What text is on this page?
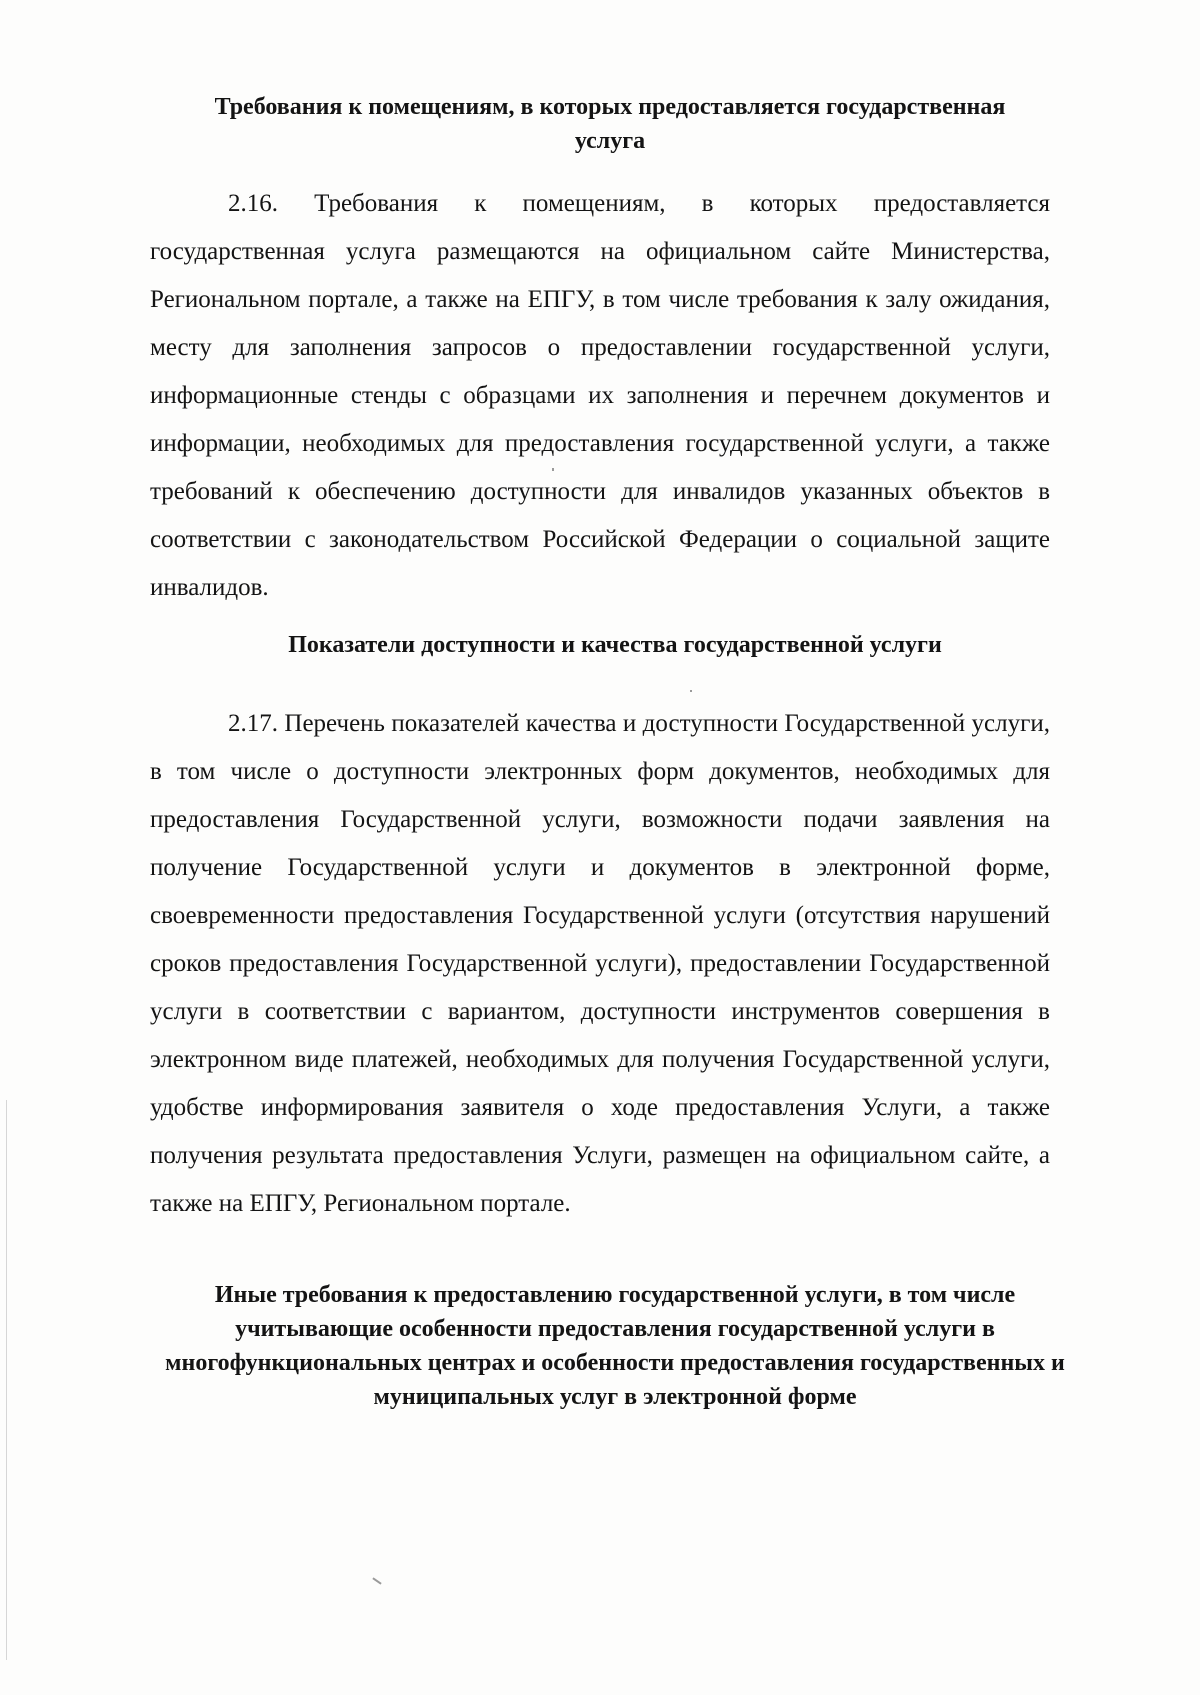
Требования к помещениям, в которых предоставляется государственная услуга

2.16. Требования к помещениям, в которых предоставляется государственная услуга размещаются на официальном сайте Министерства, Региональном портале, а также на ЕПГУ, в том числе требования к залу ожидания, месту для заполнения запросов о предоставлении государственной услуги, информационные стенды с образцами их заполнения и перечнем документов и информации, необходимых для предоставления государственной услуги, а также требований к обеспечению доступности для инвалидов указанных объектов в соответствии с законодательством Российской Федерации о социальной защите инвалидов.

Показатели доступности и качества государственной услуги

2.17. Перечень показателей качества и доступности Государственной услуги, в том числе о доступности электронных форм документов, необходимых для предоставления Государственной услуги, возможности подачи заявления на получение Государственной услуги и документов в электронной форме, своевременности предоставления Государственной услуги (отсутствия нарушений сроков предоставления Государственной услуги), предоставлении Государственной услуги в соответствии с вариантом, доступности инструментов совершения в электронном виде платежей, необходимых для получения Государственной услуги, удобстве информирования заявителя о ходе предоставления Услуги, а также получения результата предоставления Услуги, размещен на официальном сайте, а также на ЕПГУ, Региональном портале.

Иные требования к предоставлению государственной услуги, в том числе учитывающие особенности предоставления государственной услуги в многофункциональных центрах и особенности предоставления государственных и муниципальных услуг в электронной форме
